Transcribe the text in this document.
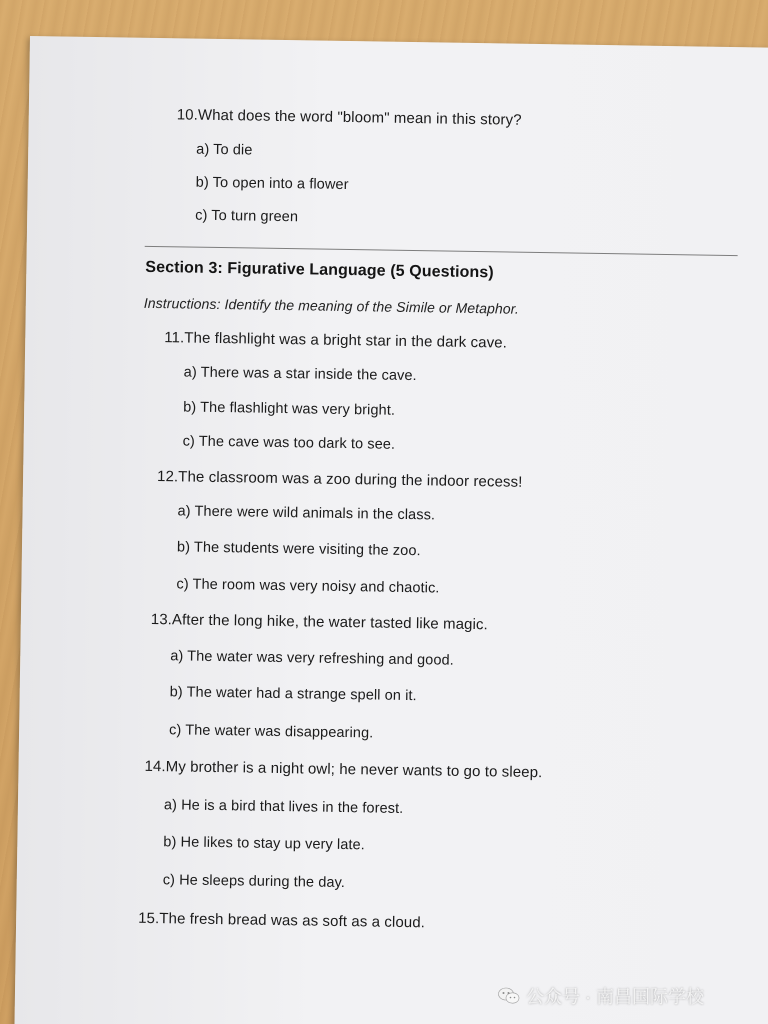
10.What does the word "bloom" mean in this story?
a) To die
b) To open into a flower
c) To turn green
Section 3: Figurative Language (5 Questions)
Instructions: Identify the meaning of the Simile or Metaphor.
11.The flashlight was a bright star in the dark cave.
a) There was a star inside the cave.
b) The flashlight was very bright.
c) The cave was too dark to see.
12.The classroom was a zoo during the indoor recess!
a) There were wild animals in the class.
b) The students were visiting the zoo.
c) The room was very noisy and chaotic.
13.After the long hike, the water tasted like magic.
a) The water was very refreshing and good.
b) The water had a strange spell on it.
c) The water was disappearing.
14.My brother is a night owl; he never wants to go to sleep.
a) He is a bird that lives in the forest.
b) He likes to stay up very late.
c) He sleeps during the day.
15.The fresh bread was as soft as a cloud.
公众号 · 南昌国际学校
